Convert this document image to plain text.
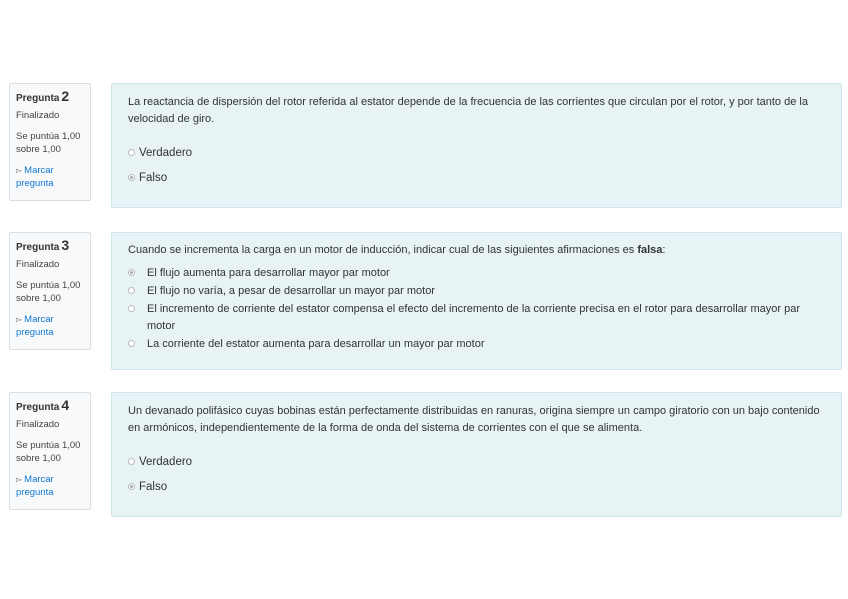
Pregunta 2
Finalizado
Se puntúa 1,00 sobre 1,00
▻ Marcar pregunta

La reactancia de dispersión del rotor referida al estator depende de la frecuencia de las corrientes que circulan por el rotor, y por tanto de la velocidad de giro.

Verdadero
Falso
Pregunta 3
Finalizado
Se puntúa 1,00 sobre 1,00
▻ Marcar pregunta

Cuando se incrementa la carga en un motor de inducción, indicar cual de las siguientes afirmaciones es falsa:

El flujo aumenta para desarrollar mayor par motor
El flujo no varía, a pesar de desarrollar un mayor par motor
El incremento de corriente del estator compensa el efecto del incremento de la corriente precisa en el rotor para desarrollar mayor par motor
La corriente del estator aumenta para desarrollar un mayor par motor
Pregunta 4
Finalizado
Se puntúa 1,00 sobre 1,00
▻ Marcar pregunta

Un devanado polifásico cuyas bobinas están perfectamente distribuidas en ranuras, origina siempre un campo giratorio con un bajo contenido en armónicos, independientemente de la forma de onda del sistema de corrientes con el que se alimenta.

Verdadero
Falso
